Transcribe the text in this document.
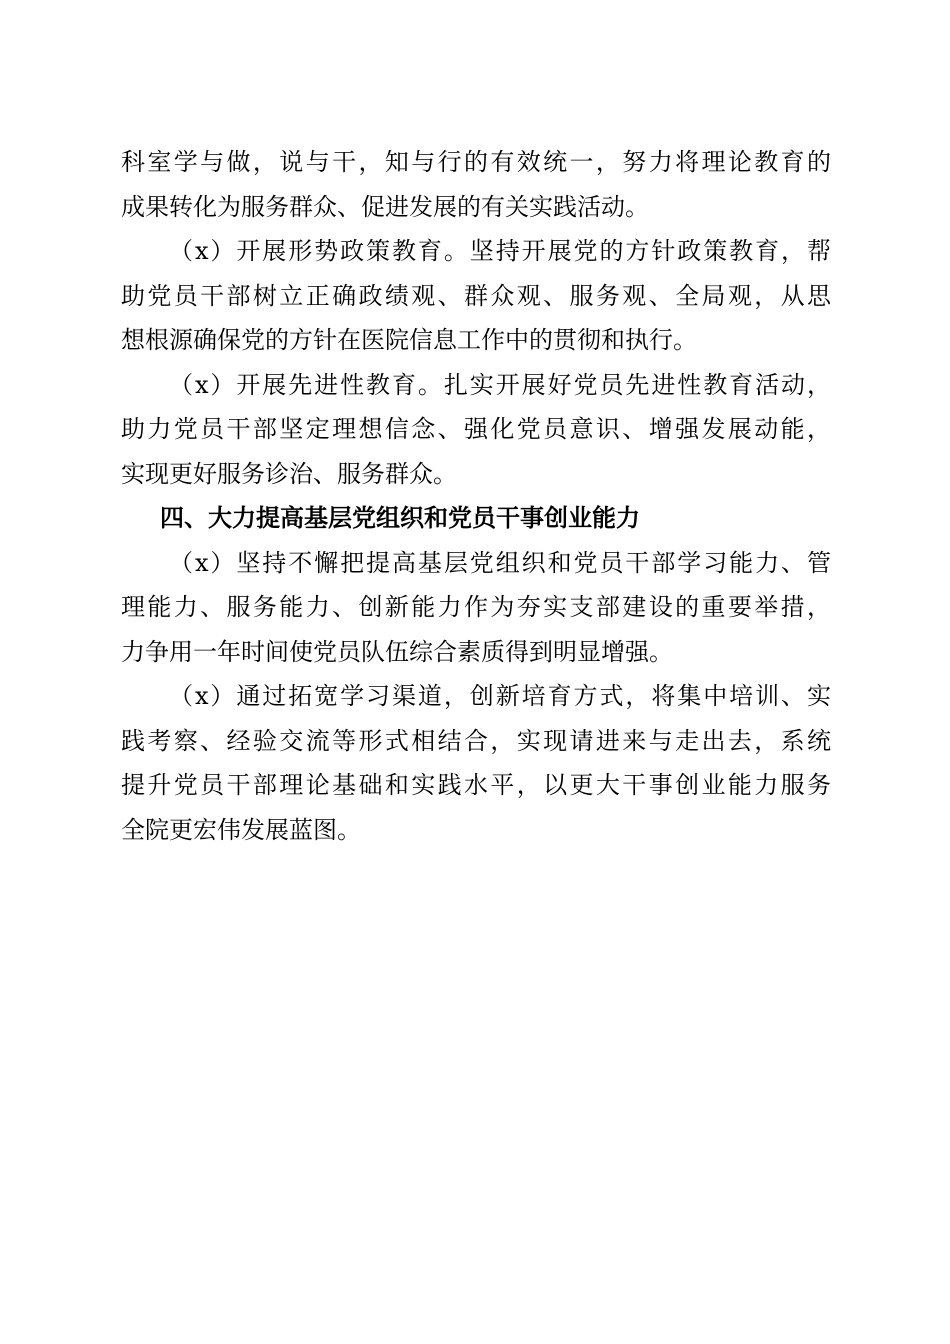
科室学与做，说与干，知与行的有效统一，努力将理论教育的
成果转化为服务群众、促进发展的有关实践活动。
（x）开展形势政策教育。坚持开展党的方针政策教育，帮
助党员干部树立正确政绩观、群众观、服务观、全局观，从思
想根源确保党的方针在医院信息工作中的贯彻和执行。
（x）开展先进性教育。扎实开展好党员先进性教育活动，
助力党员干部坚定理想信念、强化党员意识、增强发展动能，
实现更好服务诊治、服务群众。
四、大力提高基层党组织和党员干事创业能力
（x）坚持不懈把提高基层党组织和党员干部学习能力、管
理能力、服务能力、创新能力作为夯实支部建设的重要举措，
力争用一年时间使党员队伍综合素质得到明显增强。
（x）通过拓宽学习渠道，创新培育方式，将集中培训、实
践考察、经验交流等形式相结合，实现请进来与走出去，系统
提升党员干部理论基础和实践水平，以更大干事创业能力服务
全院更宏伟发展蓝图。
